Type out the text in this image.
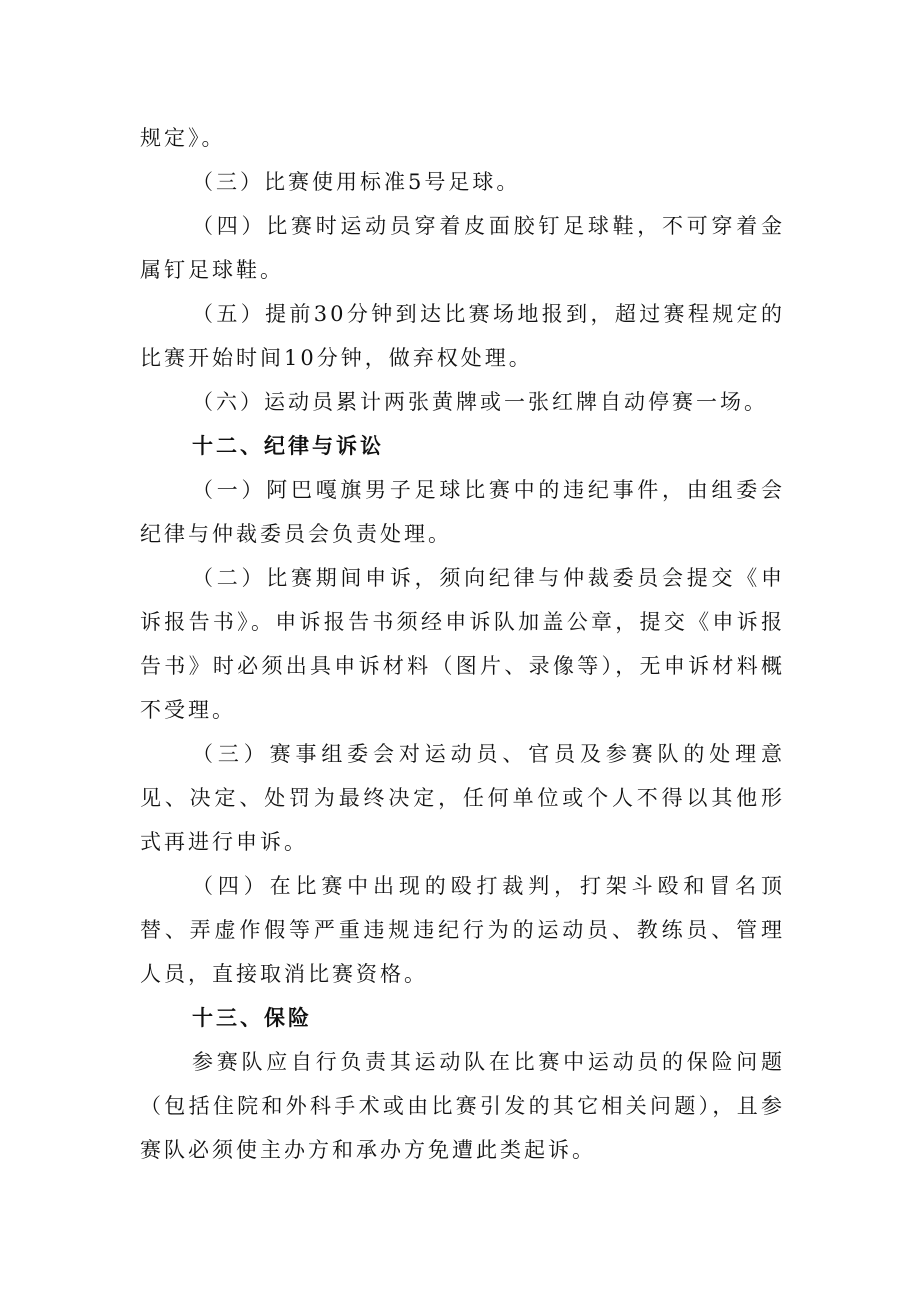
规定》。

（三）比赛使用标准5号足球。

（四）比赛时运动员穿着皮面胶钉足球鞋，不可穿着金属钉足球鞋。

（五）提前30分钟到达比赛场地报到，超过赛程规定的比赛开始时间10分钟，做弃权处理。

（六）运动员累计两张黄牌或一张红牌自动停赛一场。

十二、纪律与诉讼

（一）阿巴嘎旗男子足球比赛中的违纪事件，由组委会纪律与仲裁委员会负责处理。

（二）比赛期间申诉，须向纪律与仲裁委员会提交《申诉报告书》。申诉报告书须经申诉队加盖公章，提交《申诉报告书》时必须出具申诉材料（图片、录像等），无申诉材料概不受理。

（三）赛事组委会对运动员、官员及参赛队的处理意见、决定、处罚为最终决定，任何单位或个人不得以其他形式再进行申诉。

（四）在比赛中出现的殴打裁判，打架斗殴和冒名顶替、弄虚作假等严重违规违纪行为的运动员、教练员、管理人员，直接取消比赛资格。

十三、保险

参赛队应自行负责其运动队在比赛中运动员的保险问题（包括住院和外科手术或由比赛引发的其它相关问题），且参赛队必须使主办方和承办方免遭此类起诉。
